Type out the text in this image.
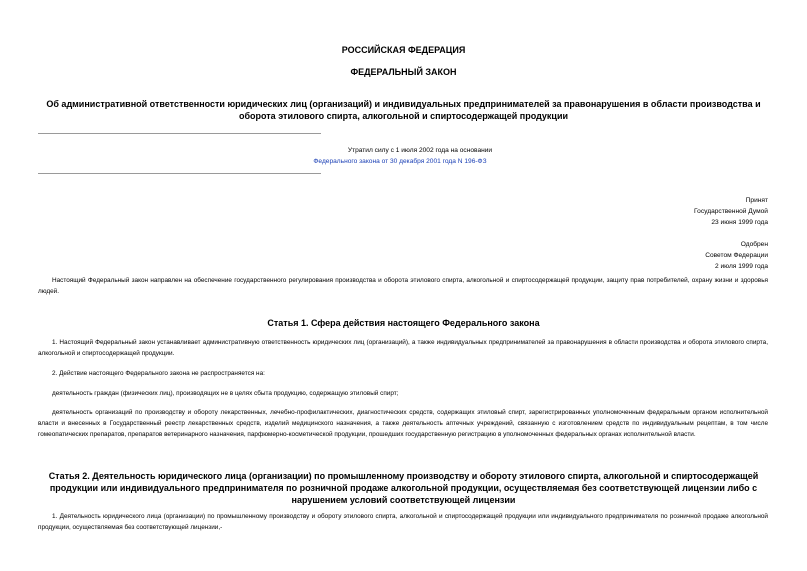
РОССИЙСКАЯ ФЕДЕРАЦИЯ
ФЕДЕРАЛЬНЫЙ ЗАКОН
Об административной ответственности юридических лиц (организаций) и индивидуальных предпринимателей за правонарушения в области производства и
оборота этилового спирта, алкогольной и спиртосодержащей продукции
Утратил силу с 1 июля 2002 года на основании
Федерального закона от 30 декабря 2001 года N 196-ФЗ
Принят
Государственной Думой
23 июня 1999 года
Одобрен
Советом Федерации
2 июля 1999 года
Настоящий Федеральный закон направлен на обеспечение государственного регулирования производства и оборота этилового спирта, алкогольной и спиртосодержащей продукции, защиту прав потребителей, охрану жизни и здоровья людей.
Статья 1. Сфера действия настоящего Федерального закона
1. Настоящий Федеральный закон устанавливает административную ответственность юридических лиц (организаций), а также индивидуальных предпринимателей за правонарушения в области производства и оборота этилового спирта, алкогольной и спиртосодержащей продукции.
2. Действие настоящего Федерального закона не распространяется на:
деятельность граждан (физических лиц), производящих не в целях сбыта продукцию, содержащую этиловый спирт;
деятельность организаций по производству и обороту лекарственных, лечебно-профилактических, диагностических средств, содержащих этиловый спирт, зарегистрированных уполномоченным федеральным органом исполнительной власти и внесенных в Государственный реестр лекарственных средств, изделий медицинского назначения, а также деятельность аптечных учреждений, связанную с изготовлением средств по индивидуальным рецептам, в том числе гомеопатических препаратов, препаратов ветеринарного назначения, парфюмерно-косметической продукции, прошедших государственную регистрацию в уполномоченных федеральных органах исполнительной власти.
Статья 2. Деятельность юридического лица (организации) по промышленному производству и обороту этилового спирта, алкогольной и спиртосодержащей
продукции или индивидуального предпринимателя по розничной продаже алкогольной продукции, осуществляемая без соответствующей лицензии либо с
нарушением условий соответствующей лицензии
1. Деятельность юридического лица (организации) по промышленному производству и обороту этилового спирта, алкогольной и спиртосодержащей продукции или индивидуального предпринимателя по розничной продаже алкогольной продукции, осуществляемая без соответствующей лицензии,-
